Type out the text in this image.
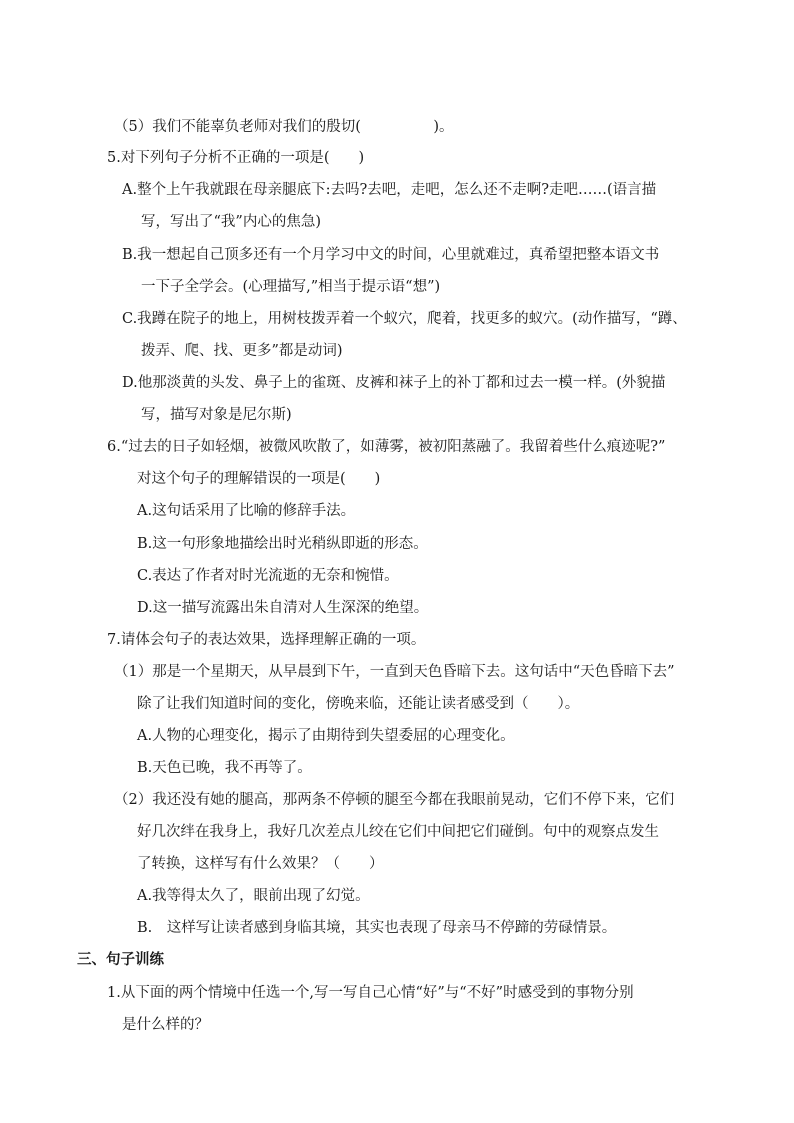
（5）我们不能辜负老师对我们的殷切(　　　　　)。
5.对下列句子分析不正确的一项是(　　)
A.整个上午我就跟在母亲腿底下:去吗?去吧，走吧，怎么还不走啊?走吧……(语言描
写，写出了“我”内心的焦急)
B.我一想起自己顶多还有一个月学习中文的时间，心里就难过，真希望把整本语文书
一下子全学会。(心理描写,”相当于提示语“想”)
C.我蹲在院子的地上，用树枝拨弄着一个蚁穴，爬着，找更多的蚁穴。(动作描写，“蹲、
拨弄、爬、找、更多”都是动词)
D.他那淡黄的头发、鼻子上的雀斑、皮裤和袜子上的补丁都和过去一模一样。(外貌描
写，描写对象是尼尔斯)
6.“过去的日子如轻烟，被微风吹散了，如薄雾，被初阳蒸融了。我留着些什么痕迹呢?”
对这个句子的理解错误的一项是(　　)
A.这句话采用了比喻的修辞手法。
B.这一句形象地描绘出时光稍纵即逝的形态。
C.表达了作者对时光流逝的无奈和惋惜。
D.这一描写流露出朱自清对人生深深的绝望。
7.请体会句子的表达效果，选择理解正确的一项。
（1）那是一个星期天，从早晨到下午，一直到天色昏暗下去。这句话中“天色昏暗下去”
除了让我们知道时间的变化，傍晚来临，还能让读者感受到（　　）。
A.人物的心理变化，揭示了由期待到失望委屈的心理变化。
B.天色已晚，我不再等了。
（2）我还没有她的腿高，那两条不停顿的腿至今都在我眼前晃动，它们不停下来，它们
好几次绊在我身上，我好几次差点儿绞在它们中间把它们碰倒。句中的观察点发生
了转换，这样写有什么效果？（　　）
A.我等得太久了，眼前出现了幻觉。
B.　这样写让读者感到身临其境，其实也表现了母亲马不停蹄的劳碌情景。
三、句子训练
1.从下面的两个情境中任选一个,写一写自己心情“好”与“不好”时感受到的事物分别
是什么样的？
